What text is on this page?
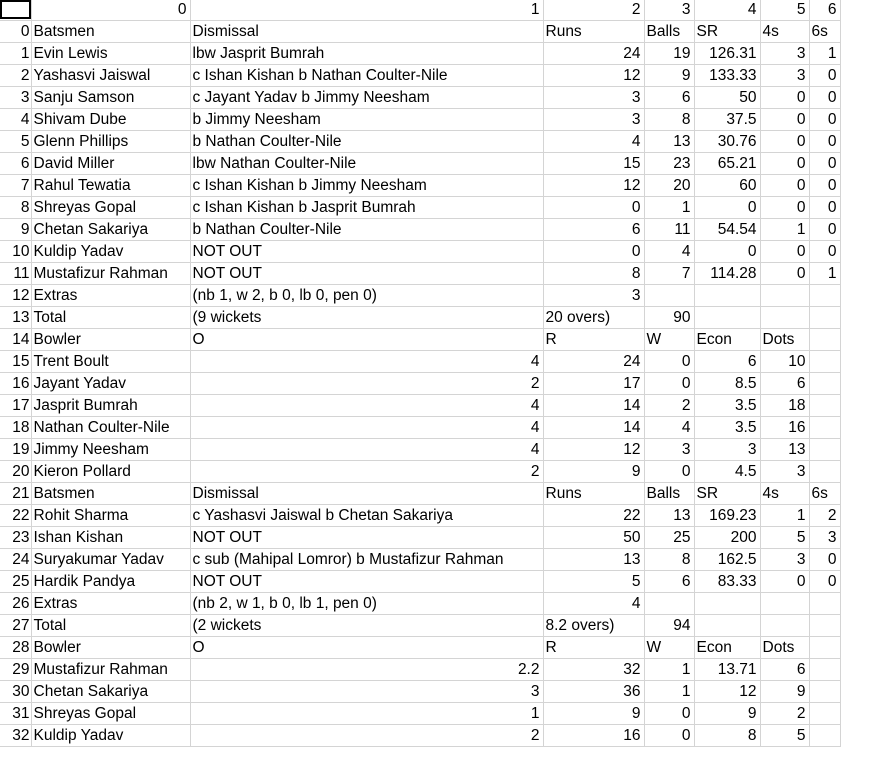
	0	1	2	3	4	5	6
0	Batsmen	Dismissal	Runs	Balls	SR	4s	6s
1	Evin Lewis	lbw Jasprit Bumrah	24	19	126.31	3	1
2	Yashasvi Jaiswal	c Ishan Kishan b Nathan Coulter-Nile	12	9	133.33	3	0
3	Sanju Samson	c Jayant Yadav b Jimmy Neesham	3	6	50	0	0
4	Shivam Dube	b Jimmy Neesham	3	8	37.5	0	0
5	Glenn Phillips	b Nathan Coulter-Nile	4	13	30.76	0	0
6	David Miller	lbw Nathan Coulter-Nile	15	23	65.21	0	0
7	Rahul Tewatia	c Ishan Kishan b Jimmy Neesham	12	20	60	0	0
8	Shreyas Gopal	c Ishan Kishan b Jasprit Bumrah	0	1	0	0	0
9	Chetan Sakariya	b Nathan Coulter-Nile	6	11	54.54	1	0
10	Kuldip Yadav	NOT OUT	0	4	0	0	0
11	Mustafizur Rahman	NOT OUT	8	7	114.28	0	1
12	Extras	(nb 1, w 2, b 0, lb 0, pen 0)	3				
13	Total	(9 wickets	20 overs)	90			
14	Bowler	O	R	W	Econ	Dots	
15	Trent Boult	4	24	0	6	10	
16	Jayant Yadav	2	17	0	8.5	6	
17	Jasprit Bumrah	4	14	2	3.5	18	
18	Nathan Coulter-Nile	4	14	4	3.5	16	
19	Jimmy Neesham	4	12	3	3	13	
20	Kieron Pollard	2	9	0	4.5	3	
21	Batsmen	Dismissal	Runs	Balls	SR	4s	6s
22	Rohit Sharma	c Yashasvi Jaiswal b Chetan Sakariya	22	13	169.23	1	2
23	Ishan Kishan	NOT OUT	50	25	200	5	3
24	Suryakumar Yadav	c sub (Mahipal Lomror) b Mustafizur Rahman	13	8	162.5	3	0
25	Hardik Pandya	NOT OUT	5	6	83.33	0	0
26	Extras	(nb 2, w 1, b 0, lb 1, pen 0)	4				
27	Total	(2 wickets	8.2 overs)	94			
28	Bowler	O	R	W	Econ	Dots	
29	Mustafizur Rahman	2.2	32	1	13.71	6	
30	Chetan Sakariya	3	36	1	12	9	
31	Shreyas Gopal	1	9	0	9	2	
32	Kuldip Yadav	2	16	0	8	5	
